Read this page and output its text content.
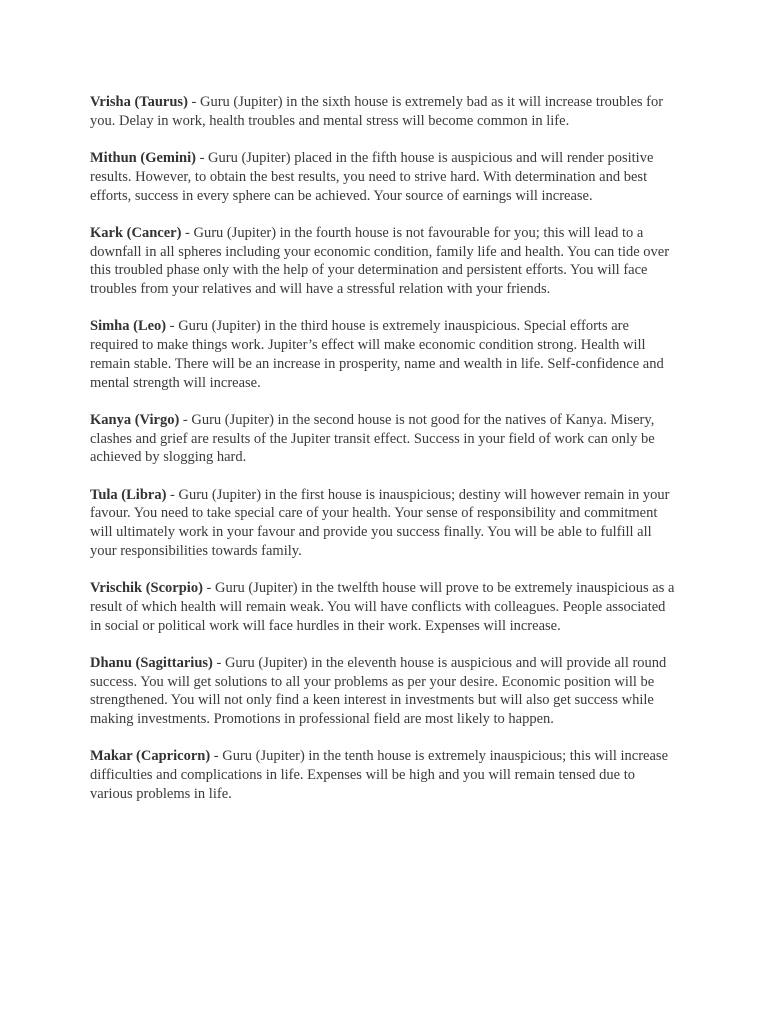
Vrisha (Taurus) - Guru (Jupiter) in the sixth house is extremely bad as it will increase troubles for you. Delay in work, health troubles and mental stress will become common in life.

Mithun (Gemini) - Guru (Jupiter) placed in the fifth house is auspicious and will render positive results. However, to obtain the best results, you need to strive hard. With determination and best efforts, success in every sphere can be achieved. Your source of earnings will increase.

Kark (Cancer) - Guru (Jupiter) in the fourth house is not favourable for you; this will lead to a downfall in all spheres including your economic condition, family life and health. You can tide over this troubled phase only with the help of your determination and persistent efforts. You will face troubles from your relatives and will have a stressful relation with your friends.

Simha (Leo) - Guru (Jupiter) in the third house is extremely inauspicious. Special efforts are required to make things work. Jupiter’s effect will make economic condition strong. Health will remain stable. There will be an increase in prosperity, name and wealth in life. Self-confidence and mental strength will increase.

Kanya (Virgo) - Guru (Jupiter) in the second house is not good for the natives of Kanya. Misery, clashes and grief are results of the Jupiter transit effect. Success in your field of work can only be achieved by slogging hard.

Tula (Libra) - Guru (Jupiter) in the first house is inauspicious; destiny will however remain in your favour. You need to take special care of your health. Your sense of responsibility and commitment will ultimately work in your favour and provide you success finally. You will be able to fulfill all your responsibilities towards family.

Vrischik (Scorpio) - Guru (Jupiter) in the twelfth house will prove to be extremely inauspicious as a result of which health will remain weak. You will have conflicts with colleagues. People associated in social or political work will face hurdles in their work. Expenses will increase.

Dhanu (Sagittarius) - Guru (Jupiter) in the eleventh house is auspicious and will provide all round success. You will get solutions to all your problems as per your desire. Economic position will be strengthened. You will not only find a keen interest in investments but will also get success while making investments. Promotions in professional field are most likely to happen.

Makar (Capricorn) - Guru (Jupiter) in the tenth house is extremely inauspicious; this will increase difficulties and complications in life. Expenses will be high and you will remain tensed due to various problems in life.
